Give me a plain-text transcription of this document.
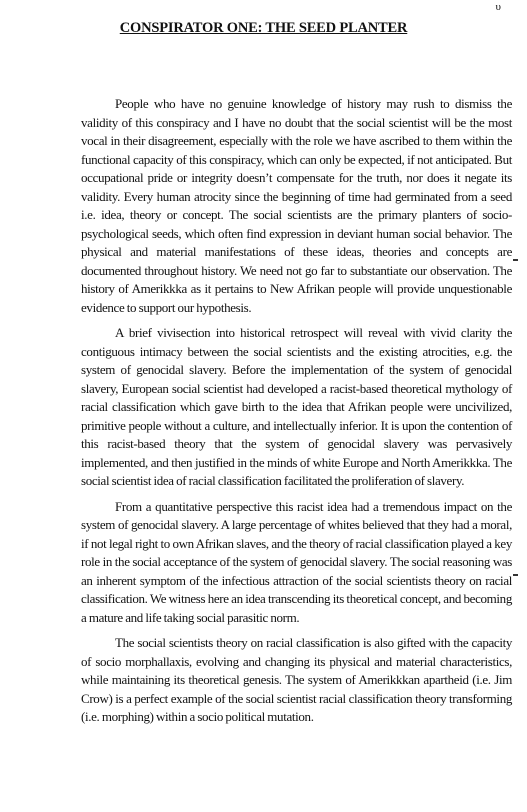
υ
CONSPIRATOR ONE: THE SEED PLANTER

People who have no genuine knowledge of history may rush to dismiss the validity of this conspiracy and I have no doubt that the social scientist will be the most vocal in their disagreement, especially with the role we have ascribed to them within the functional capacity of this conspiracy, which can only be expected, if not anticipated. But occupational pride or integrity doesn’t compensate for the truth, nor does it negate its validity. Every human atrocity since the beginning of time had germinated from a seed i.e. idea, theory or concept. The social scientists are the primary planters of socio-psychological seeds, which often find expression in deviant human social behavior. The physical and material manifestations of these ideas, theories and concepts are documented throughout history. We need not go far to substantiate our observation. The history of Amerikkka as it pertains to New Afrikan people will provide unquestionable evidence to support our hypothesis.

A brief vivisection into historical retrospect will reveal with vivid clarity the contiguous intimacy between the social scientists and the existing atrocities, e.g. the system of genocidal slavery. Before the implementation of the system of genocidal slavery, European social scientist had developed a racist-based theoretical mythology of racial classification which gave birth to the idea that Afrikan people were uncivilized, primitive people without a culture, and intellectually inferior. It is upon the contention of this racist-based theory that the system of genocidal slavery was pervasively implemented, and then justified in the minds of white Europe and North Amerikkka. The social scientist idea of racial classification facilitated the proliferation of slavery.

From a quantitative perspective this racist idea had a tremendous impact on the system of genocidal slavery. A large percentage of whites believed that they had a moral, if not legal right to own Afrikan slaves, and the theory of racial classification played a key role in the social acceptance of the system of genocidal slavery. The social reasoning was an inherent symptom of the infectious attraction of the social scientists theory on racial classification. We witness here an idea transcending its theoretical concept, and becoming a mature and life taking social parasitic norm.

The social scientists theory on racial classification is also gifted with the capacity of socio morphallaxis, evolving and changing its physical and material characteristics, while maintaining its theoretical genesis. The system of Amerikkkan apartheid (i.e. Jim Crow) is a perfect example of the social scientist racial classification theory transforming (i.e. morphing) within a socio political mutation.
